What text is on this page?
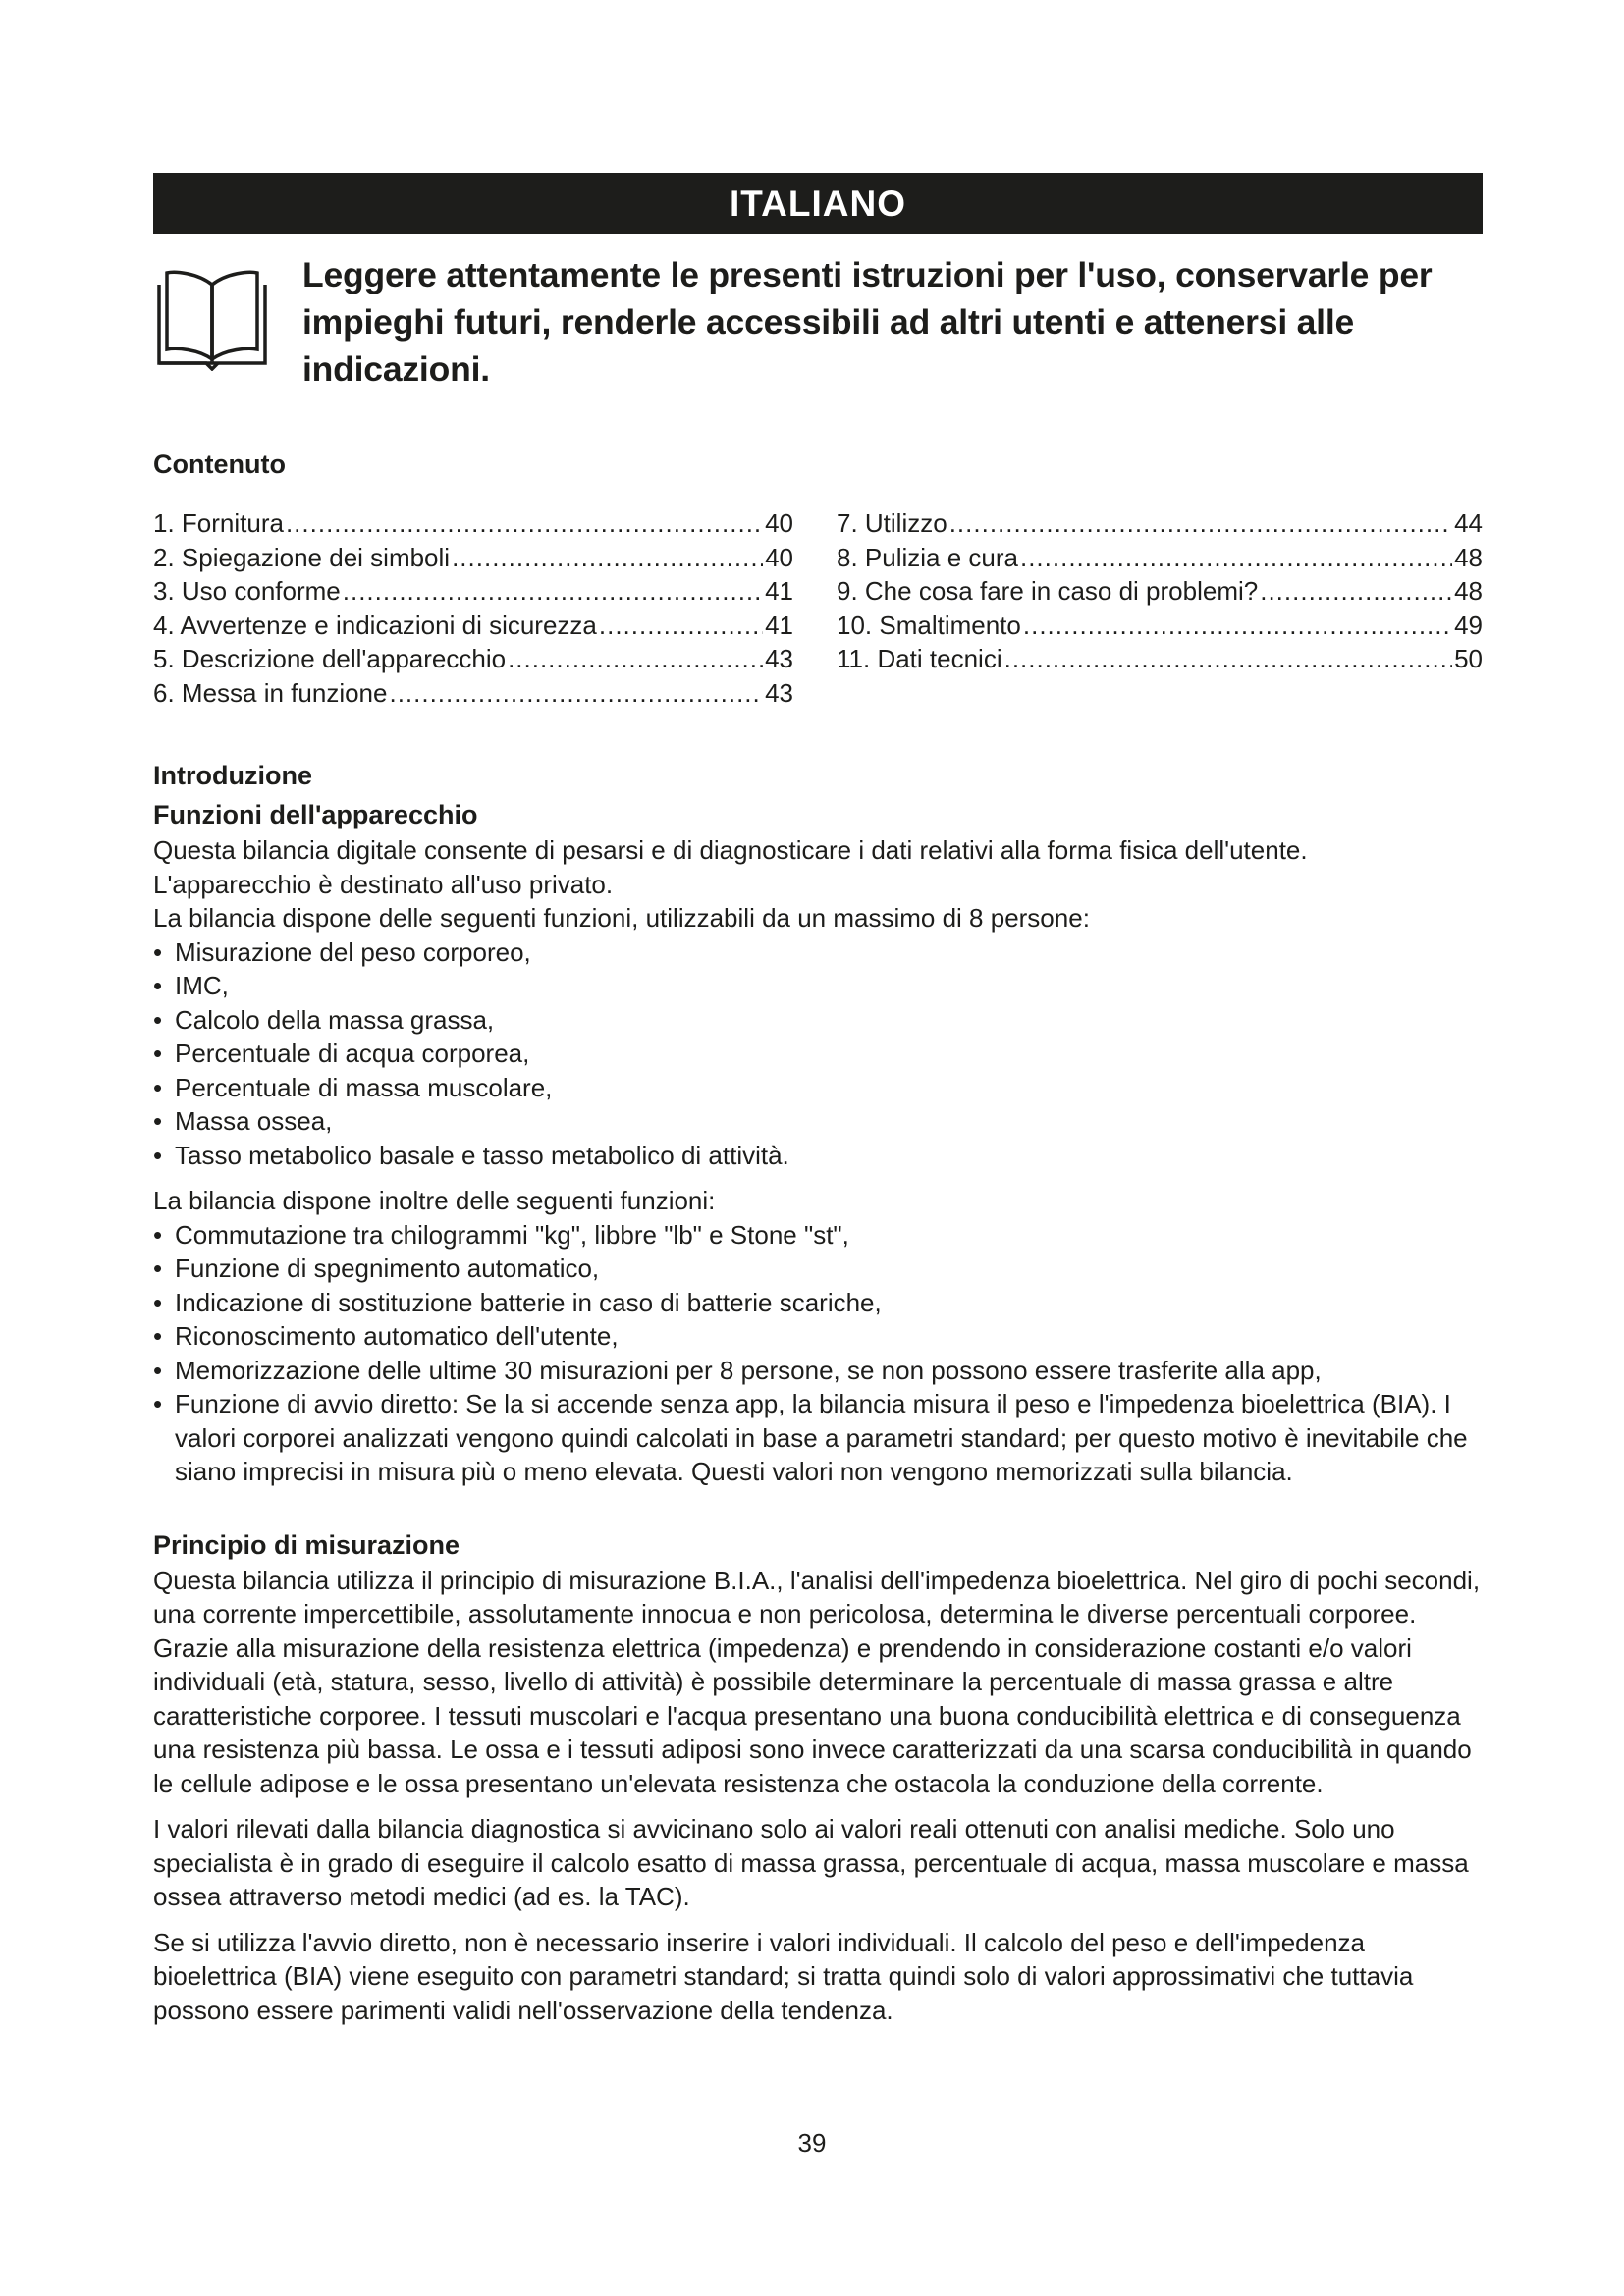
ITALIANO

Leggere attentamente le presenti istruzioni per l'uso, conservarle per impieghi futuri, renderle accessibili ad altri utenti e attenersi alle indicazioni.

Contenuto
1. Fornitura .....	40
2. Spiegazione dei simboli .....	40
3. Uso conforme .....	41
4. Avvertenze e indicazioni di sicurezza .....	41
5. Descrizione dell'apparecchio .....	43
6. Messa in funzione .....	43
7. Utilizzo .....	44
8. Pulizia e cura .....	48
9. Che cosa fare in caso di problemi? .....	48
10. Smaltimento .....	49
11. Dati tecnici .....	50
Introduzione
Funzioni dell'apparecchio

Questa bilancia digitale consente di pesarsi e di diagnosticare i dati relativi alla forma fisica dell'utente.

L'apparecchio è destinato all'uso privato.

La bilancia dispone delle seguenti funzioni, utilizzabili da un massimo di 8 persone:

• Misurazione del peso corporeo,
• IMC,
• Calcolo della massa grassa,
• Percentuale di acqua corporea,
• Percentuale di massa muscolare,
• Massa ossea,
• Tasso metabolico basale e tasso metabolico di attività.

La bilancia dispone inoltre delle seguenti funzioni:

• Commutazione tra chilogrammi "kg", libbre "lb" e Stone "st",
• Funzione di spegnimento automatico,
• Indicazione di sostituzione batterie in caso di batterie scariche,
• Riconoscimento automatico dell'utente,
• Memorizzazione delle ultime 30 misurazioni per 8 persone, se non possono essere trasferite alla app,
• Funzione di avvio diretto: Se la si accende senza app, la bilancia misura il peso e l'impedenza bioelettrica (BIA). I valori corporei analizzati vengono quindi calcolati in base a parametri standard; per questo motivo è inevitabile che siano imprecisi in misura più o meno elevata. Questi valori non vengono memorizzati sulla bilancia.
Principio di misurazione

Questa bilancia utilizza il principio di misurazione B.I.A., l'analisi dell'impedenza bioelettrica. Nel giro di pochi secondi, una corrente impercettibile, assolutamente innocua e non pericolosa, determina le diverse percentuali corporee.

Grazie alla misurazione della resistenza elettrica (impedenza) e prendendo in considerazione costanti e/o valori individuali (età, statura, sesso, livello di attività) è possibile determinare la percentuale di massa grassa e altre caratteristiche corporee. I tessuti muscolari e l'acqua presentano una buona conducibilità elettrica e di conseguenza una resistenza più bassa. Le ossa e i tessuti adiposi sono invece caratterizzati da una scarsa conducibilità in quando le cellule adipose e le ossa presentano un'elevata resistenza che ostacola la conduzione della corrente.

I valori rilevati dalla bilancia diagnostica si avvicinano solo ai valori reali ottenuti con analisi mediche. Solo uno specialista è in grado di eseguire il calcolo esatto di massa grassa, percentuale di acqua, massa muscolare e massa ossea attraverso metodi medici (ad es. la TAC).

Se si utilizza l'avvio diretto, non è necessario inserire i valori individuali. Il calcolo del peso e dell'impedenza bioelettrica (BIA) viene eseguito con parametri standard; si tratta quindi solo di valori approssimativi che tuttavia possono essere parimenti validi nell'osservazione della tendenza.

39
